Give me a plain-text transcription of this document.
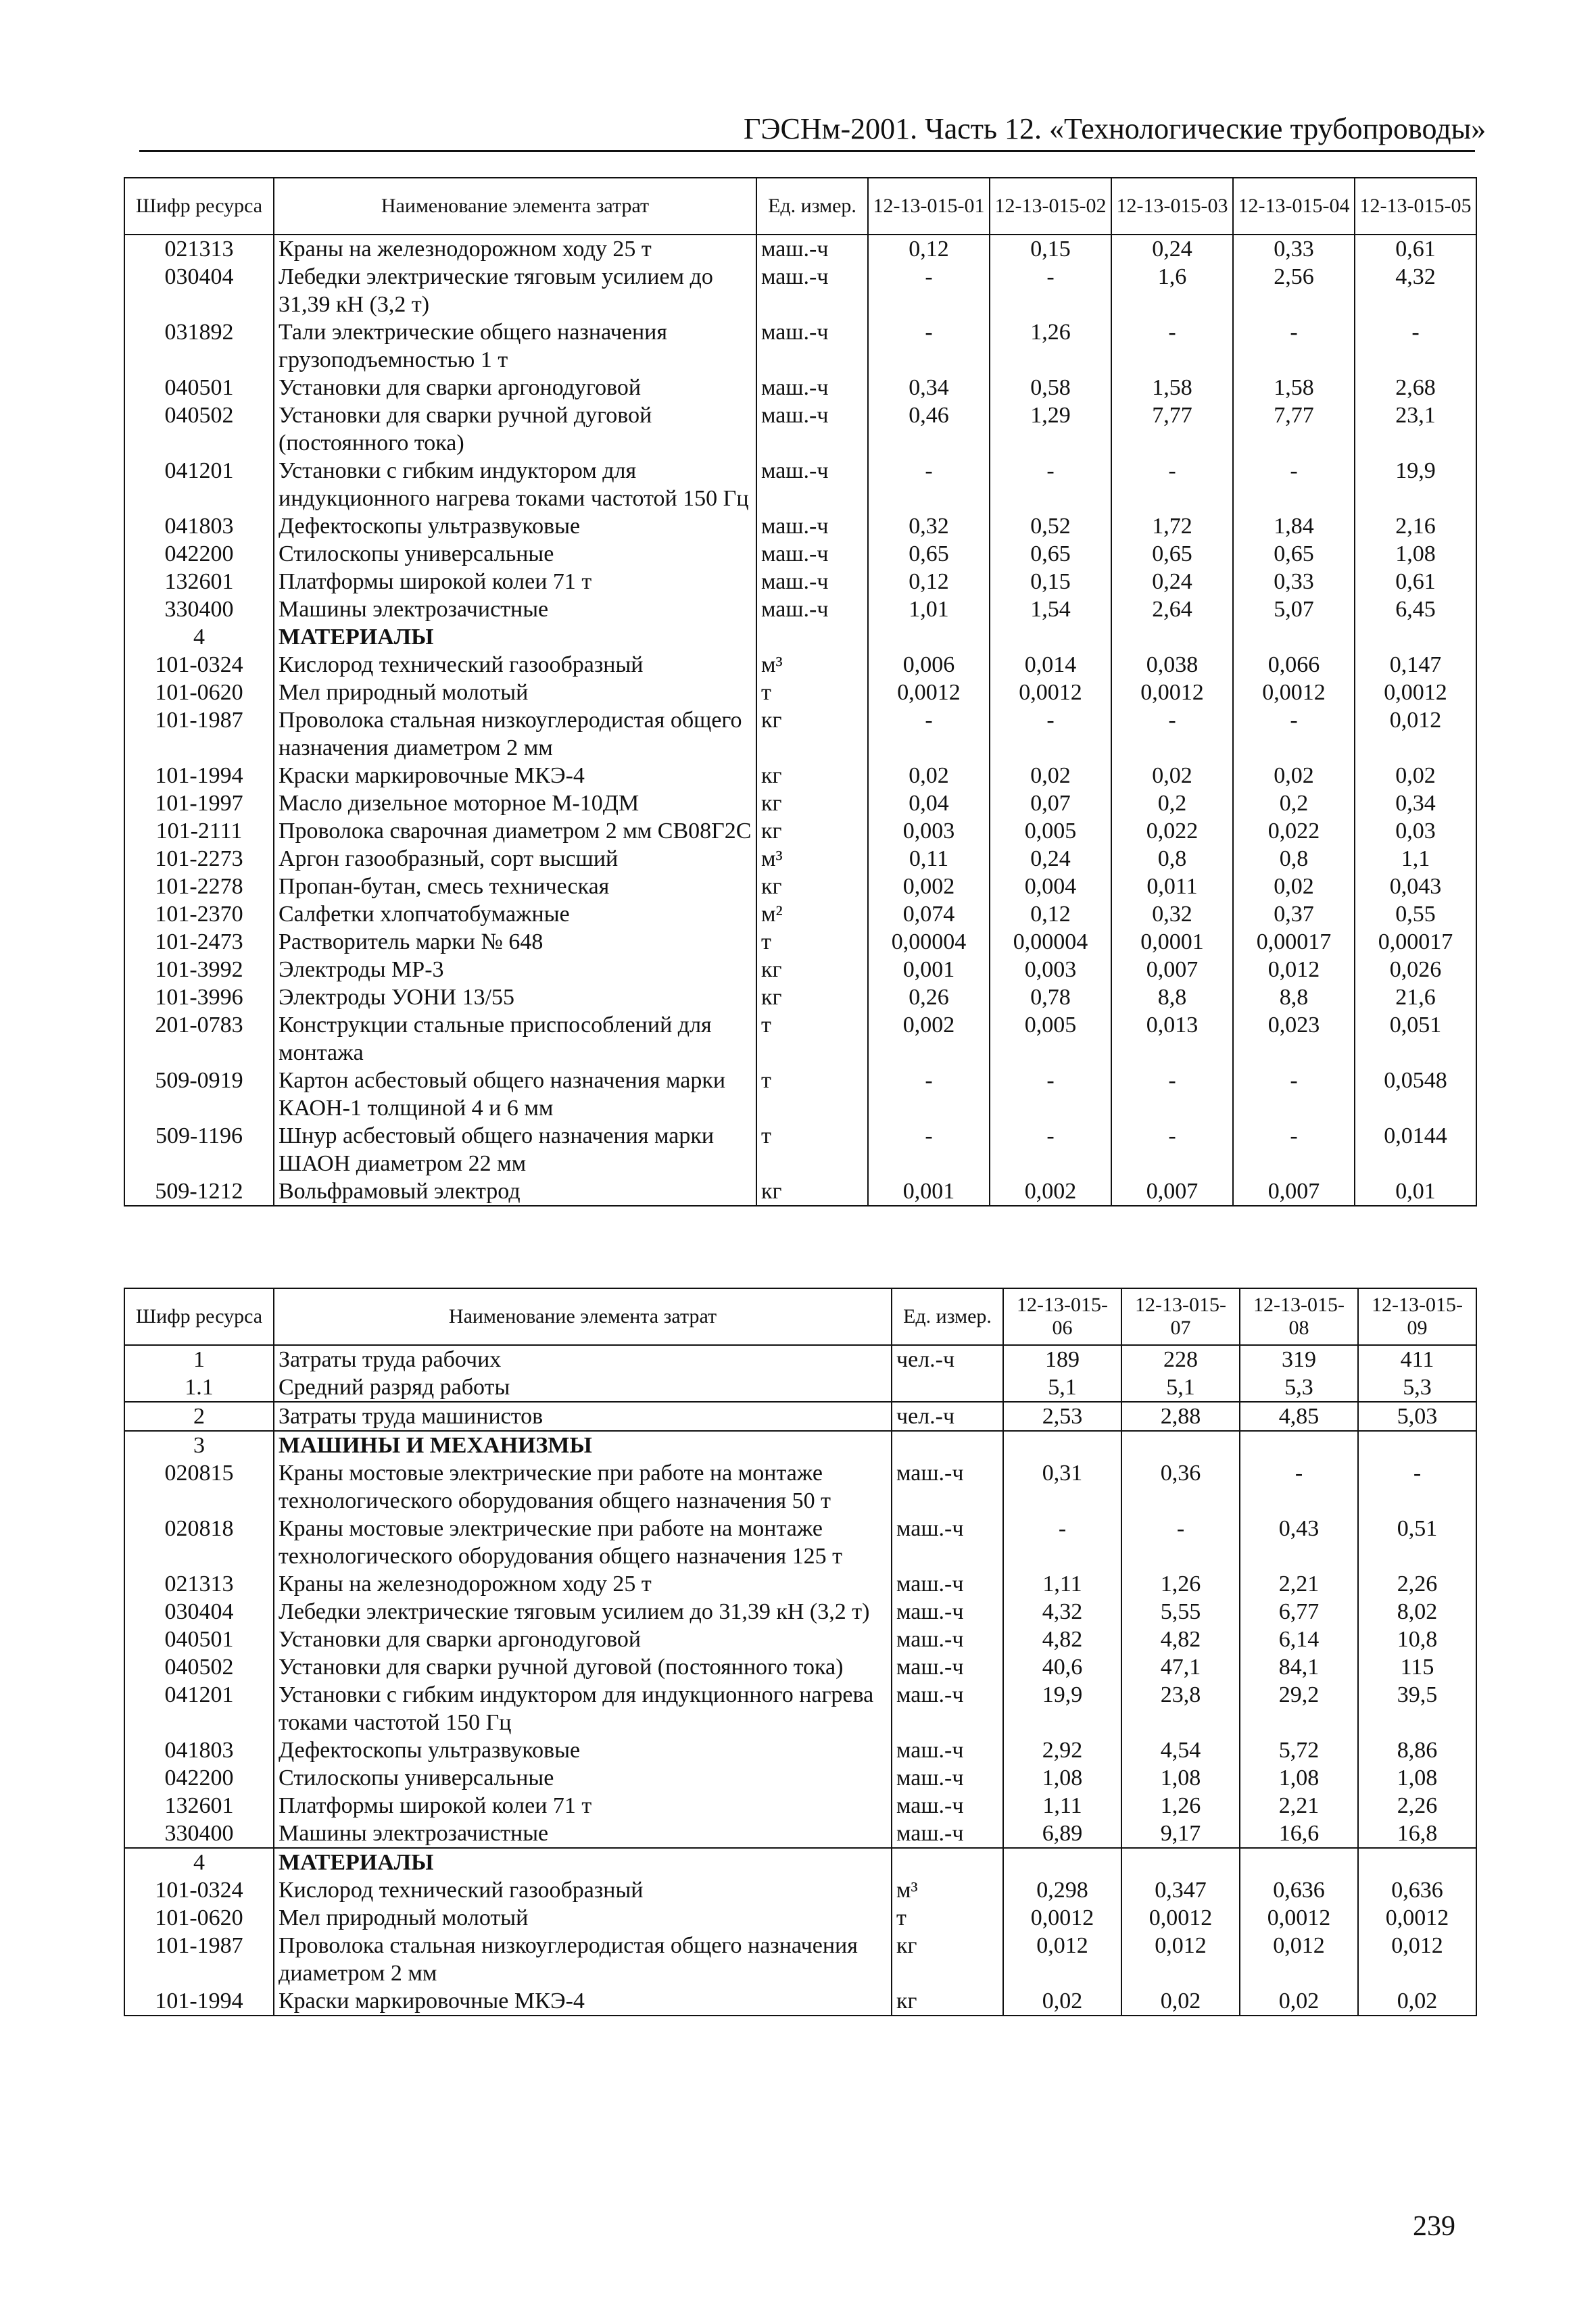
ГЭСНм-2001. Часть 12. «Технологические трубопроводы»
Шифр ресурса	Наименование элемента затрат	Ед. измер.	12-13-015-01	12-13-015-02	12-13-015-03	12-13-015-04	12-13-015-05
021313	Краны на железнодорожном ходу 25 т	маш.-ч	0,12	0,15	0,24	0,33	0,61
030404	Лебедки электрические тяговым усилием до 31,39 кН (3,2 т)	маш.-ч	-	-	1,6	2,56	4,32
031892	Тали электрические общего назначения грузоподъемностью 1 т	маш.-ч	-	1,26	-	-	-
040501	Установки для сварки аргонодуговой	маш.-ч	0,34	0,58	1,58	1,58	2,68
040502	Установки для сварки ручной дуговой (постоянного тока)	маш.-ч	0,46	1,29	7,77	7,77	23,1
041201	Установки с гибким индуктором для индукционного нагрева токами частотой 150 Гц	маш.-ч	-	-	-	-	19,9
041803	Дефектоскопы ультразвуковые	маш.-ч	0,32	0,52	1,72	1,84	2,16
042200	Стилоскопы универсальные	маш.-ч	0,65	0,65	0,65	0,65	1,08
132601	Платформы широкой колеи 71 т	маш.-ч	0,12	0,15	0,24	0,33	0,61
330400	Машины электрозачистные	маш.-ч	1,01	1,54	2,64	5,07	6,45
4	МАТЕРИАЛЫ						
101-0324	Кислород технический газообразный	м³	0,006	0,014	0,038	0,066	0,147
101-0620	Мел природный молотый	т	0,0012	0,0012	0,0012	0,0012	0,0012
101-1987	Проволока стальная низкоуглеродистая общего назначения диаметром 2 мм	кг	-	-	-	-	0,012
101-1994	Краски маркировочные МКЭ-4	кг	0,02	0,02	0,02	0,02	0,02
101-1997	Масло дизельное моторное М-10ДМ	кг	0,04	0,07	0,2	0,2	0,34
101-2111	Проволока сварочная диаметром 2 мм СВ08Г2С	кг	0,003	0,005	0,022	0,022	0,03
101-2273	Аргон газообразный, сорт высший	м³	0,11	0,24	0,8	0,8	1,1
101-2278	Пропан-бутан, смесь техническая	кг	0,002	0,004	0,011	0,02	0,043
101-2370	Салфетки хлопчатобумажные	м²	0,074	0,12	0,32	0,37	0,55
101-2473	Растворитель марки № 648	т	0,00004	0,00004	0,0001	0,00017	0,00017
101-3992	Электроды МР-3	кг	0,001	0,003	0,007	0,012	0,026
101-3996	Электроды УОНИ 13/55	кг	0,26	0,78	8,8	8,8	21,6
201-0783	Конструкции стальные приспособлений для монтажа	т	0,002	0,005	0,013	0,023	0,051
509-0919	Картон асбестовый общего назначения марки КАОН-1 толщиной 4 и 6 мм	т	-	-	-	-	0,0548
509-1196	Шнур асбестовый общего назначения марки ШАОН диаметром 22 мм	т	-	-	-	-	0,0144
509-1212	Вольфрамовый электрод	кг	0,001	0,002	0,007	0,007	0,01
Шифр ресурса	Наименование элемента затрат	Ед. измер.	12-13-015-06	12-13-015-07	12-13-015-08	12-13-015-09
1	Затраты труда рабочих	чел.-ч	189	228	319	411
1.1	Средний разряд работы		5,1	5,1	5,3	5,3
2	Затраты труда машинистов	чел.-ч	2,53	2,88	4,85	5,03
3	МАШИНЫ И МЕХАНИЗМЫ					
020815	Краны мостовые электрические при работе на монтаже технологического оборудования общего назначения 50 т	маш.-ч	0,31	0,36	-	-
020818	Краны мостовые электрические при работе на монтаже технологического оборудования общего назначения 125 т	маш.-ч	-	-	0,43	0,51
021313	Краны на железнодорожном ходу 25 т	маш.-ч	1,11	1,26	2,21	2,26
030404	Лебедки электрические тяговым усилием до 31,39 кН (3,2 т)	маш.-ч	4,32	5,55	6,77	8,02
040501	Установки для сварки аргонодуговой	маш.-ч	4,82	4,82	6,14	10,8
040502	Установки для сварки ручной дуговой (постоянного тока)	маш.-ч	40,6	47,1	84,1	115
041201	Установки с гибким индуктором для индукционного нагрева токами частотой 150 Гц	маш.-ч	19,9	23,8	29,2	39,5
041803	Дефектоскопы ультразвуковые	маш.-ч	2,92	4,54	5,72	8,86
042200	Стилоскопы универсальные	маш.-ч	1,08	1,08	1,08	1,08
132601	Платформы широкой колеи 71 т	маш.-ч	1,11	1,26	2,21	2,26
330400	Машины электрозачистные	маш.-ч	6,89	9,17	16,6	16,8
4	МАТЕРИАЛЫ					
101-0324	Кислород технический газообразный	м³	0,298	0,347	0,636	0,636
101-0620	Мел природный молотый	т	0,0012	0,0012	0,0012	0,0012
101-1987	Проволока стальная низкоуглеродистая общего назначения диаметром 2 мм	кг	0,012	0,012	0,012	0,012
101-1994	Краски маркировочные МКЭ-4	кг	0,02	0,02	0,02	0,02
239
